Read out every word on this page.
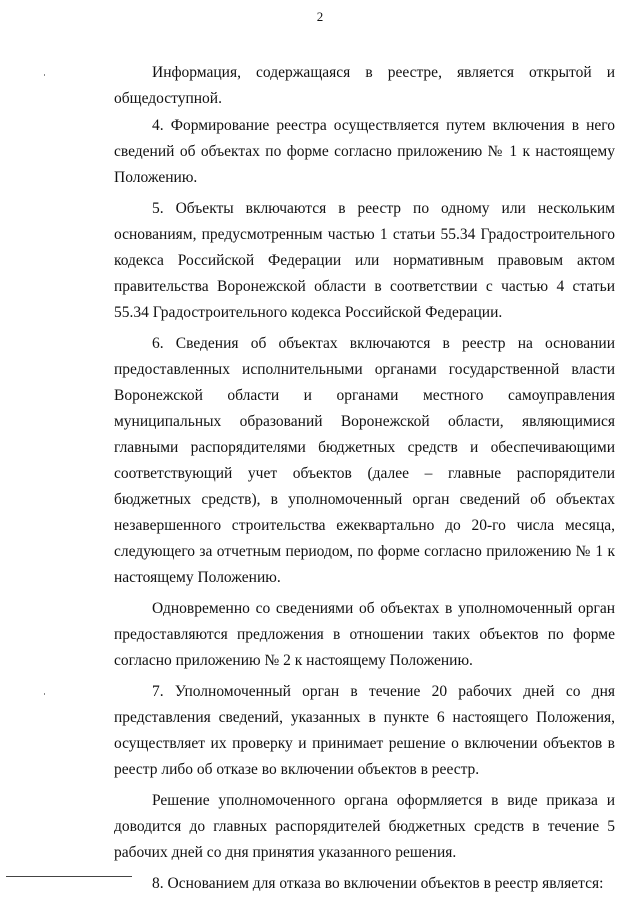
2

Информация, содержащаяся в реестре, является открытой и общедоступной.

4. Формирование реестра осуществляется путем включения в него сведений об объектах по форме согласно приложению № 1 к настоящему Положению.

5. Объекты включаются в реестр по одному или нескольким основаниям, предусмотренным частью 1 статьи 55.34 Градостроительного кодекса Российской Федерации или нормативным правовым актом правительства Воронежской области в соответствии с частью 4 статьи 55.34 Градостроительного кодекса Российской Федерации.

6. Сведения об объектах включаются в реестр на основании предоставленных исполнительными органами государственной власти Воронежской области и органами местного самоуправления муниципальных образований Воронежской области, являющимися главными распорядителями бюджетных средств и обеспечивающими соответствующий учет объектов (далее – главные распорядители бюджетных средств), в уполномоченный орган сведений об объектах незавершенного строительства ежеквартально до 20-го числа месяца, следующего за отчетным периодом, по форме согласно приложению № 1 к настоящему Положению.

Одновременно со сведениями об объектах в уполномоченный орган предоставляются предложения в отношении таких объектов по форме согласно приложению № 2 к настоящему Положению.

7. Уполномоченный орган в течение 20 рабочих дней со дня представления сведений, указанных в пункте 6 настоящего Положения, осуществляет их проверку и принимает решение о включении объектов в реестр либо об отказе во включении объектов в реестр.

Решение уполномоченного органа оформляется в виде приказа и доводится до главных распорядителей бюджетных средств в течение 5 рабочих дней со дня принятия указанного решения.

8. Основанием для отказа во включении объектов в реестр является:
